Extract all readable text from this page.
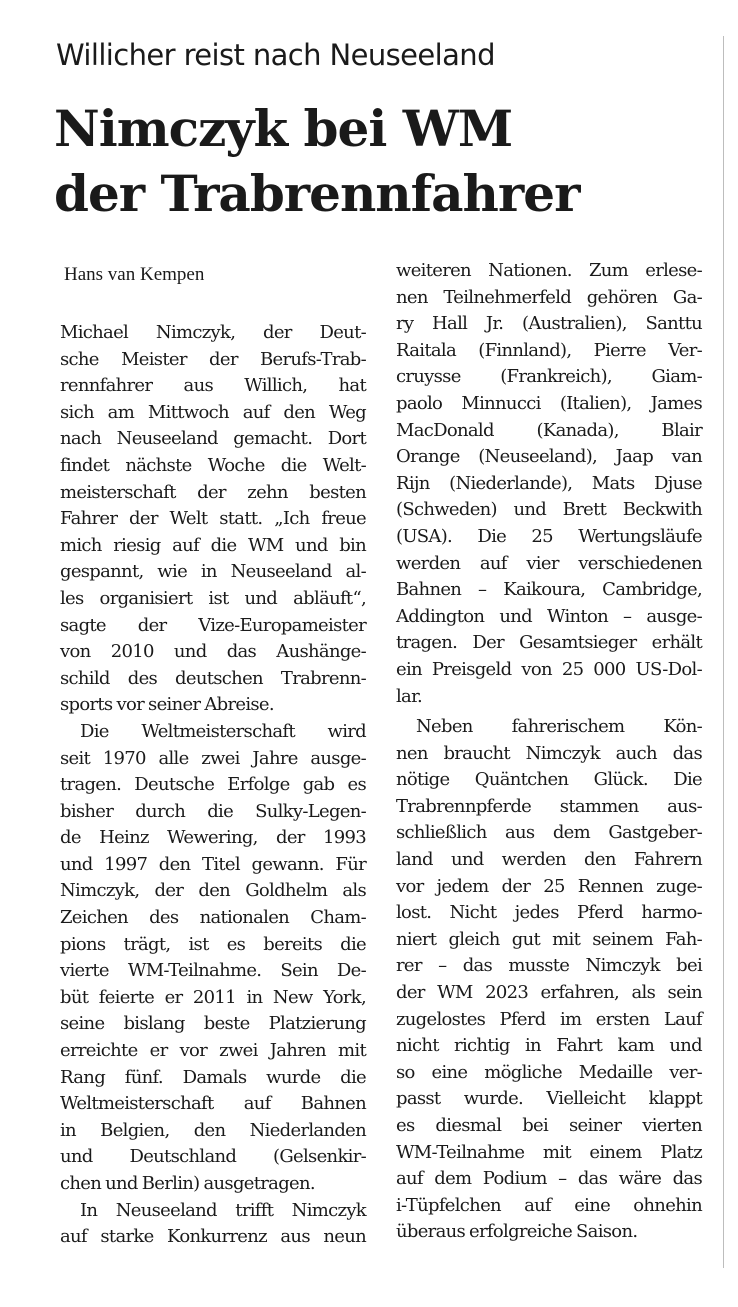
Willicher reist nach Neuseeland
Nimczyk bei WM
der Trabrennfahrer
Hans van Kempen
Michael Nimczyk, der Deut-
sche Meister der Berufs-Trab-
rennfahrer aus Willich, hat
sich am Mittwoch auf den Weg
nach Neuseeland gemacht. Dort
findet nächste Woche die Welt-
meisterschaft der zehn besten
Fahrer der Welt statt. „Ich freue
mich riesig auf die WM und bin
gespannt, wie in Neuseeland al-
les organisiert ist und abläuft“,
sagte der Vize-Europameister
von 2010 und das Aushänge-
schild des deutschen Trabrenn-
sports vor seiner Abreise.
Die Weltmeisterschaft wird
seit 1970 alle zwei Jahre ausge-
tragen. Deutsche Erfolge gab es
bisher durch die Sulky-Legen-
de Heinz Wewering, der 1993
und 1997 den Titel gewann. Für
Nimczyk, der den Goldhelm als
Zeichen des nationalen Cham-
pions trägt, ist es bereits die
vierte WM-Teilnahme. Sein De-
büt feierte er 2011 in New York,
seine bislang beste Platzierung
erreichte er vor zwei Jahren mit
Rang fünf. Damals wurde die
Weltmeisterschaft auf Bahnen
in Belgien, den Niederlanden
und Deutschland (Gelsenkir-
chen und Berlin) ausgetragen.
In Neuseeland trifft Nimczyk
auf starke Konkurrenz aus neun
weiteren Nationen. Zum erlese-
nen Teilnehmerfeld gehören Ga-
ry Hall Jr. (Australien), Santtu
Raitala (Finnland), Pierre Ver-
cruysse (Frankreich), Giam-
paolo Minnucci (Italien), James
MacDonald (Kanada), Blair
Orange (Neuseeland), Jaap van
Rijn (Niederlande), Mats Djuse
(Schweden) und Brett Beckwith
(USA). Die 25 Wertungsläufe
werden auf vier verschiedenen
Bahnen – Kaikoura, Cambridge,
Addington und Winton – ausge-
tragen. Der Gesamtsieger erhält
ein Preisgeld von 25 000 US-Dol-
lar.
Neben fahrerischem Kön-
nen braucht Nimczyk auch das
nötige Quäntchen Glück. Die
Trabrennpferde stammen aus-
schließlich aus dem Gastgeber-
land und werden den Fahrern
vor jedem der 25 Rennen zuge-
lost. Nicht jedes Pferd harmo-
niert gleich gut mit seinem Fah-
rer – das musste Nimczyk bei
der WM 2023 erfahren, als sein
zugelostes Pferd im ersten Lauf
nicht richtig in Fahrt kam und
so eine mögliche Medaille ver-
passt wurde. Vielleicht klappt
es diesmal bei seiner vierten
WM-Teilnahme mit einem Platz
auf dem Podium – das wäre das
i-Tüpfelchen auf eine ohnehin
überaus erfolgreiche Saison.
